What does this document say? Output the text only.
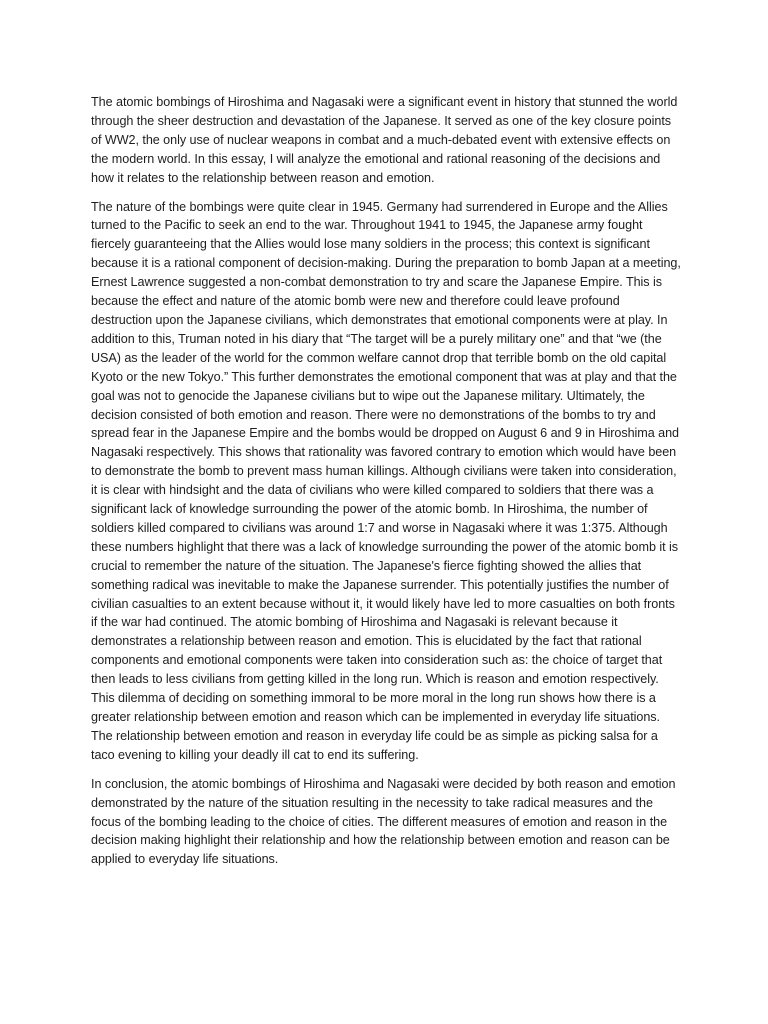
The atomic bombings of Hiroshima and Nagasaki were a significant event in history that stunned the world through the sheer destruction and devastation of the Japanese. It served as one of the key closure points of WW2, the only use of nuclear weapons in combat and a much-debated event with extensive effects on the modern world. In this essay, I will analyze the emotional and rational reasoning of the decisions and how it relates to the relationship between reason and emotion.

The nature of the bombings were quite clear in 1945. Germany had surrendered in Europe and the Allies turned to the Pacific to seek an end to the war. Throughout 1941 to 1945, the Japanese army fought fiercely guaranteeing that the Allies would lose many soldiers in the process; this context is significant because it is a rational component of decision-making. During the preparation to bomb Japan at a meeting, Ernest Lawrence suggested a non-combat demonstration to try and scare the Japanese Empire. This is because the effect and nature of the atomic bomb were new and therefore could leave profound destruction upon the Japanese civilians, which demonstrates that emotional components were at play. In addition to this, Truman noted in his diary that “The target will be a purely military one” and that “we (the USA) as the leader of the world for the common welfare cannot drop that terrible bomb on the old capital Kyoto or the new Tokyo.” This further demonstrates the emotional component that was at play and that the goal was not to genocide the Japanese civilians but to wipe out the Japanese military. Ultimately, the decision consisted of both emotion and reason. There were no demonstrations of the bombs to try and spread fear in the Japanese Empire and the bombs would be dropped on August 6 and 9 in Hiroshima and Nagasaki respectively. This shows that rationality was favored contrary to emotion which would have been to demonstrate the bomb to prevent mass human killings. Although civilians were taken into consideration, it is clear with hindsight and the data of civilians who were killed compared to soldiers that there was a significant lack of knowledge surrounding the power of the atomic bomb. In Hiroshima, the number of soldiers killed compared to civilians was around 1:7 and worse in Nagasaki where it was 1:375. Although these numbers highlight that there was a lack of knowledge surrounding the power of the atomic bomb it is crucial to remember the nature of the situation. The Japanese's fierce fighting showed the allies that something radical was inevitable to make the Japanese surrender. This potentially justifies the number of civilian casualties to an extent because without it, it would likely have led to more casualties on both fronts if the war had continued. The atomic bombing of Hiroshima and Nagasaki is relevant because it demonstrates a relationship between reason and emotion. This is elucidated by the fact that rational components and emotional components were taken into consideration such as: the choice of target that then leads to less civilians from getting killed in the long run. Which is reason and emotion respectively. This dilemma of deciding on something immoral to be more moral in the long run shows how there is a greater relationship between emotion and reason which can be implemented in everyday life situations. The relationship between emotion and reason in everyday life could be as simple as picking salsa for a taco evening to killing your deadly ill cat to end its suffering.

In conclusion, the atomic bombings of Hiroshima and Nagasaki were decided by both reason and emotion demonstrated by the nature of the situation resulting in the necessity to take radical measures and the focus of the bombing leading to the choice of cities. The different measures of emotion and reason in the decision making highlight their relationship and how the relationship between emotion and reason can be applied to everyday life situations.
